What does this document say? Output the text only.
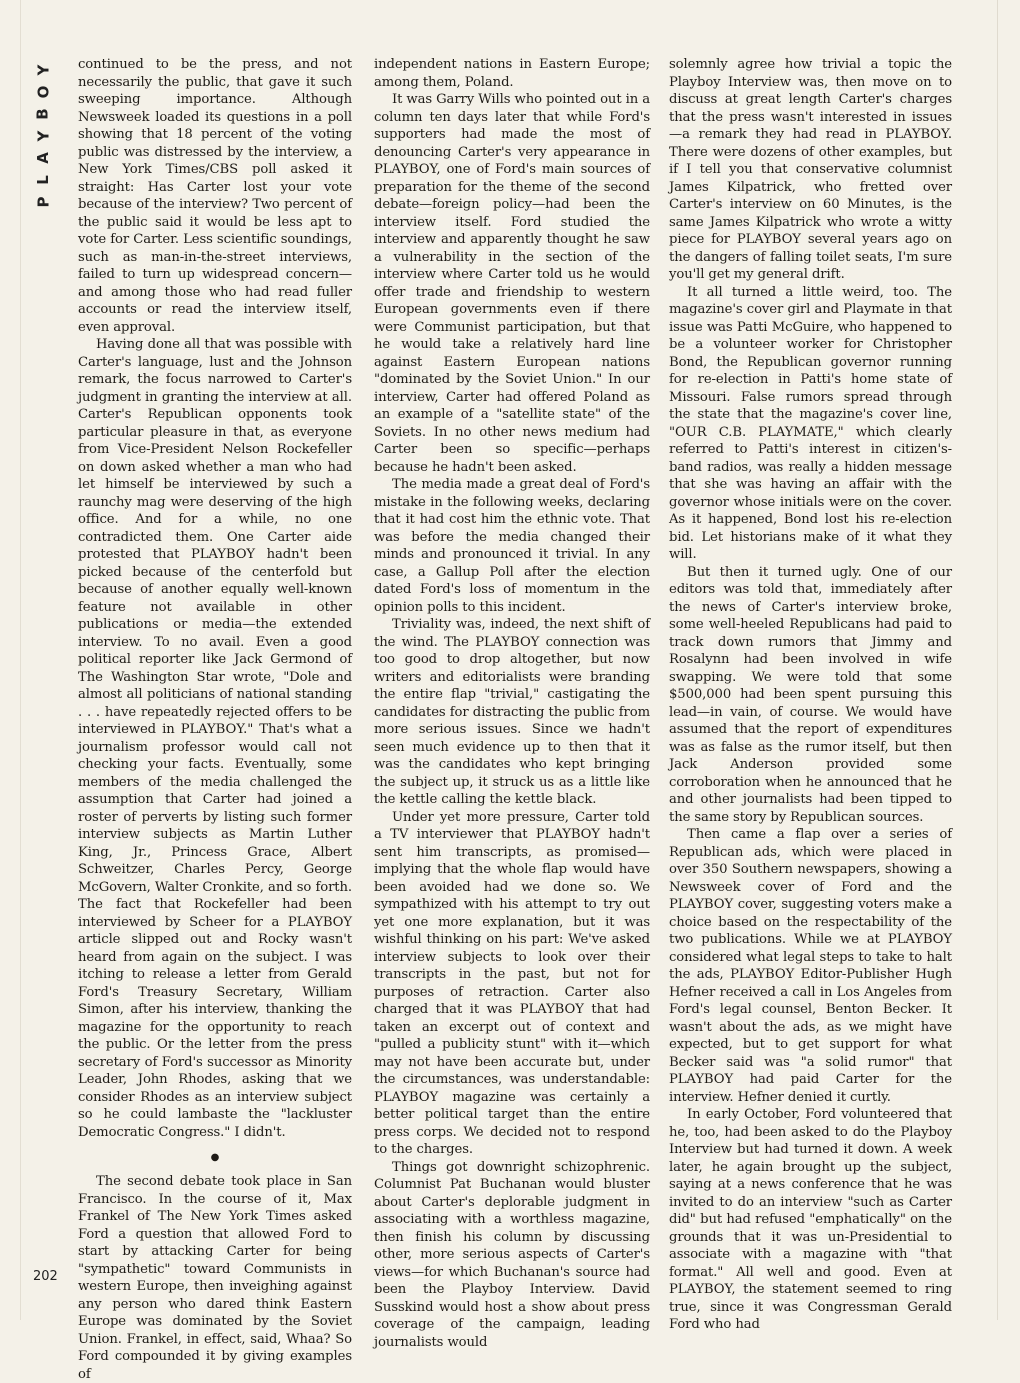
Y
O
B
Y
A
L
P

continued to be the press, and not necessarily the public, that gave it such sweeping importance. Although Newsweek loaded its questions in a poll showing that 18 percent of the voting public was distressed by the interview, a New York Times/CBS poll asked it straight: Has Carter lost your vote because of the interview? Two percent of the public said it would be less apt to vote for Carter. Less scientific soundings, such as man-in-the-street interviews, failed to turn up widespread concern—and among those who had read fuller accounts or read the interview itself, even approval.

Having done all that was possible with Carter's language, lust and the Johnson remark, the focus narrowed to Carter's judgment in granting the interview at all. Carter's Republican opponents took particular pleasure in that, as everyone from Vice-President Nelson Rockefeller on down asked whether a man who had let himself be interviewed by such a raunchy mag were deserving of the high office. And for a while, no one contradicted them. One Carter aide protested that PLAYBOY hadn't been picked because of the centerfold but because of another equally well-known feature not available in other publications or media—the extended interview. To no avail. Even a good political reporter like Jack Germond of The Washington Star wrote, "Dole and almost all politicians of national standing . . . have repeatedly rejected offers to be interviewed in PLAYBOY." That's what a journalism professor would call not checking your facts. Eventually, some members of the media challenged the assumption that Carter had joined a roster of perverts by listing such former interview subjects as Martin Luther King, Jr., Princess Grace, Albert Schweitzer, Charles Percy, George McGovern, Walter Cronkite, and so forth. The fact that Rockefeller had been interviewed by Scheer for a PLAYBOY article slipped out and Rocky wasn't heard from again on the subject. I was itching to release a letter from Gerald Ford's Treasury Secretary, William Simon, after his interview, thanking the magazine for the opportunity to reach the public. Or the letter from the press secretary of Ford's successor as Minority Leader, John Rhodes, asking that we consider Rhodes as an interview subject so he could lambaste the "lackluster Democratic Congress." I didn't.

●

The second debate took place in San Francisco. In the course of it, Max Frankel of The New York Times asked Ford a question that allowed Ford to start by attacking Carter for being "sympathetic" toward Communists in western Europe, then inveighing against any person who dared think Eastern Europe was dominated by the Soviet Union. Frankel, in effect, said, Whaa? So Ford compounded it by giving examples of

independent nations in Eastern Europe; among them, Poland.

It was Garry Wills who pointed out in a column ten days later that while Ford's supporters had made the most of denouncing Carter's very appearance in PLAYBOY, one of Ford's main sources of preparation for the theme of the second debate—foreign policy—had been the interview itself. Ford studied the interview and apparently thought he saw a vulnerability in the section of the interview where Carter told us he would offer trade and friendship to western European governments even if there were Communist participation, but that he would take a relatively hard line against Eastern European nations "dominated by the Soviet Union." In our interview, Carter had offered Poland as an example of a "satellite state" of the Soviets. In no other news medium had Carter been so specific—perhaps because he hadn't been asked.

The media made a great deal of Ford's mistake in the following weeks, declaring that it had cost him the ethnic vote. That was before the media changed their minds and pronounced it trivial. In any case, a Gallup Poll after the election dated Ford's loss of momentum in the opinion polls to this incident.

Triviality was, indeed, the next shift of the wind. The PLAYBOY connection was too good to drop altogether, but now writers and editorialists were branding the entire flap "trivial," castigating the candidates for distracting the public from more serious issues. Since we hadn't seen much evidence up to then that it was the candidates who kept bringing the subject up, it struck us as a little like the kettle calling the kettle black.

Under yet more pressure, Carter told a TV interviewer that PLAYBOY hadn't sent him transcripts, as promised—implying that the whole flap would have been avoided had we done so. We sympathized with his attempt to try out yet one more explanation, but it was wishful thinking on his part: We've asked interview subjects to look over their transcripts in the past, but not for purposes of retraction. Carter also charged that it was PLAYBOY that had taken an excerpt out of context and "pulled a publicity stunt" with it—which may not have been accurate but, under the circumstances, was understandable: PLAYBOY magazine was certainly a better political target than the entire press corps. We decided not to respond to the charges.

Things got downright schizophrenic. Columnist Pat Buchanan would bluster about Carter's deplorable judgment in associating with a worthless magazine, then finish his column by discussing other, more serious aspects of Carter's views—for which Buchanan's source had been the Playboy Interview. David Susskind would host a show about press coverage of the campaign, leading journalists would

solemnly agree how trivial a topic the Playboy Interview was, then move on to discuss at great length Carter's charges that the press wasn't interested in issues—a remark they had read in PLAYBOY. There were dozens of other examples, but if I tell you that conservative columnist James Kilpatrick, who fretted over Carter's interview on 60 Minutes, is the same James Kilpatrick who wrote a witty piece for PLAYBOY several years ago on the dangers of falling toilet seats, I'm sure you'll get my general drift.

It all turned a little weird, too. The magazine's cover girl and Playmate in that issue was Patti McGuire, who happened to be a volunteer worker for Christopher Bond, the Republican governor running for re-election in Patti's home state of Missouri. False rumors spread through the state that the magazine's cover line, "OUR C.B. PLAYMATE," which clearly referred to Patti's interest in citizen's-band radios, was really a hidden message that she was having an affair with the governor whose initials were on the cover. As it happened, Bond lost his re-election bid. Let historians make of it what they will.

But then it turned ugly. One of our editors was told that, immediately after the news of Carter's interview broke, some well-heeled Republicans had paid to track down rumors that Jimmy and Rosalynn had been involved in wife swapping. We were told that some $500,000 had been spent pursuing this lead—in vain, of course. We would have assumed that the report of expenditures was as false as the rumor itself, but then Jack Anderson provided some corroboration when he announced that he and other journalists had been tipped to the same story by Republican sources.

Then came a flap over a series of Republican ads, which were placed in over 350 Southern newspapers, showing a Newsweek cover of Ford and the PLAYBOY cover, suggesting voters make a choice based on the respectability of the two publications. While we at PLAYBOY considered what legal steps to take to halt the ads, PLAYBOY Editor-Publisher Hugh Hefner received a call in Los Angeles from Ford's legal counsel, Benton Becker. It wasn't about the ads, as we might have expected, but to get support for what Becker said was "a solid rumor" that PLAYBOY had paid Carter for the interview. Hefner denied it curtly.

In early October, Ford volunteered that he, too, had been asked to do the Playboy Interview but had turned it down. A week later, he again brought up the subject, saying at a news conference that he was invited to do an interview "such as Carter did" but had refused "emphatically" on the grounds that it was un-Presidential to associate with a magazine with "that format." All well and good. Even at PLAYBOY, the statement seemed to ring true, since it was Congressman Gerald Ford who had

202
